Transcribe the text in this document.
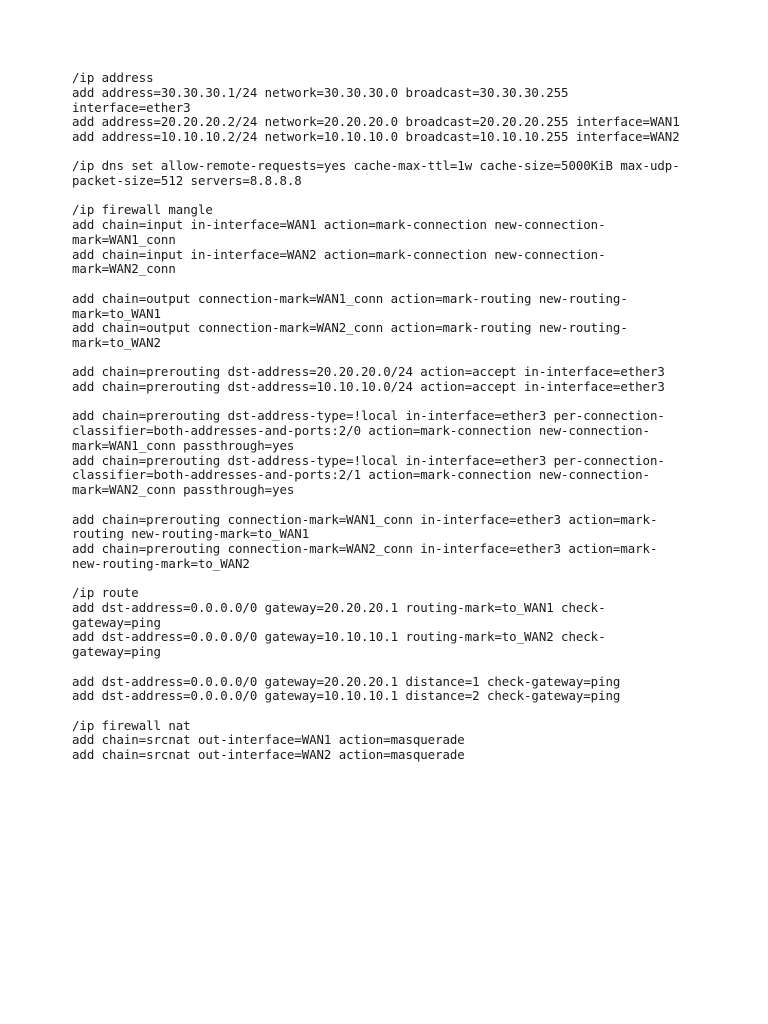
/ip address
add address=30.30.30.1/24 network=30.30.30.0 broadcast=30.30.30.255
interface=ether3
add address=20.20.20.2/24 network=20.20.20.0 broadcast=20.20.20.255 interface=WAN1
add address=10.10.10.2/24 network=10.10.10.0 broadcast=10.10.10.255 interface=WAN2
/ip dns set allow-remote-requests=yes cache-max-ttl=1w cache-size=5000KiB max-udp-
packet-size=512 servers=8.8.8.8
/ip firewall mangle
add chain=input in-interface=WAN1 action=mark-connection new-connection-
mark=WAN1_conn
add chain=input in-interface=WAN2 action=mark-connection new-connection-
mark=WAN2_conn
add chain=output connection-mark=WAN1_conn action=mark-routing new-routing-
mark=to_WAN1
add chain=output connection-mark=WAN2_conn action=mark-routing new-routing-
mark=to_WAN2
add chain=prerouting dst-address=20.20.20.0/24 action=accept in-interface=ether3
add chain=prerouting dst-address=10.10.10.0/24 action=accept in-interface=ether3
add chain=prerouting dst-address-type=!local in-interface=ether3 per-connection-
classifier=both-addresses-and-ports:2/0 action=mark-connection new-connection-
mark=WAN1_conn passthrough=yes
add chain=prerouting dst-address-type=!local in-interface=ether3 per-connection-
classifier=both-addresses-and-ports:2/1 action=mark-connection new-connection-
mark=WAN2_conn passthrough=yes
add chain=prerouting connection-mark=WAN1_conn in-interface=ether3 action=mark-
routing new-routing-mark=to_WAN1
add chain=prerouting connection-mark=WAN2_conn in-interface=ether3 action=mark-
new-routing-mark=to_WAN2
/ip route
add dst-address=0.0.0.0/0 gateway=20.20.20.1 routing-mark=to_WAN1 check-
gateway=ping
add dst-address=0.0.0.0/0 gateway=10.10.10.1 routing-mark=to_WAN2 check-
gateway=ping
add dst-address=0.0.0.0/0 gateway=20.20.20.1 distance=1 check-gateway=ping
add dst-address=0.0.0.0/0 gateway=10.10.10.1 distance=2 check-gateway=ping
/ip firewall nat
add chain=srcnat out-interface=WAN1 action=masquerade
add chain=srcnat out-interface=WAN2 action=masquerade
